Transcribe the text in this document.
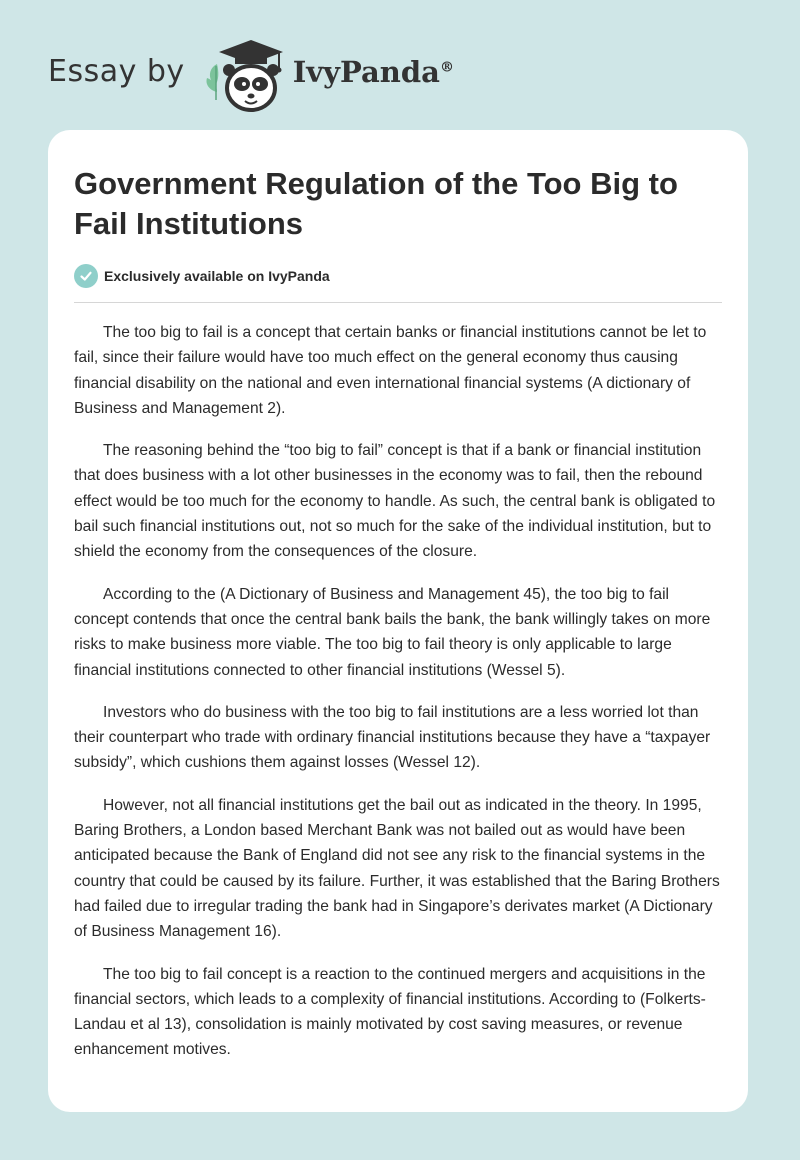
Essay by	IvyPanda®
Government Regulation of the Too Big to Fail Institutions
Exclusively available on IvyPanda

The too big to fail is a concept that certain banks or financial institutions cannot be let to fail, since their failure would have too much effect on the general economy thus causing financial disability on the national and even international financial systems (A dictionary of Business and Management 2).

The reasoning behind the “too big to fail” concept is that if a bank or financial institution that does business with a lot other businesses in the economy was to fail, then the rebound effect would be too much for the economy to handle. As such, the central bank is obligated to bail such financial institutions out, not so much for the sake of the individual institution, but to shield the economy from the consequences of the closure.

According to the (A Dictionary of Business and Management 45), the too big to fail concept contends that once the central bank bails the bank, the bank willingly takes on more risks to make business more viable. The too big to fail theory is only applicable to large financial institutions connected to other financial institutions (Wessel 5).

Investors who do business with the too big to fail institutions are a less worried lot than their counterpart who trade with ordinary financial institutions because they have a “taxpayer subsidy”, which cushions them against losses (Wessel 12).

However, not all financial institutions get the bail out as indicated in the theory. In 1995, Baring Brothers, a London based Merchant Bank was not bailed out as would have been anticipated because the Bank of England did not see any risk to the financial systems in the country that could be caused by its failure. Further, it was established that the Baring Brothers had failed due to irregular trading the bank had in Singapore’s derivates market (A Dictionary of Business Management 16).

The too big to fail concept is a reaction to the continued mergers and acquisitions in the financial sectors, which leads to a complexity of financial institutions. According to (Folkerts-Landau et al 13), consolidation is mainly motivated by cost saving measures, or revenue enhancement motives.
